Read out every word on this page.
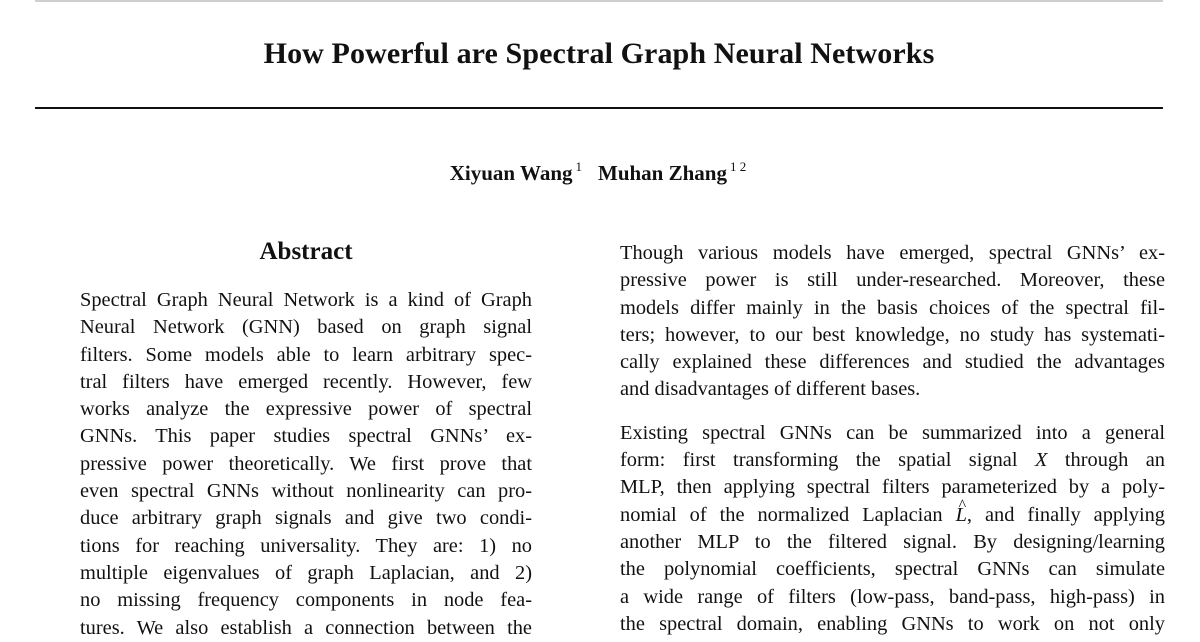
How Powerful are Spectral Graph Neural Networks
Xiyuan Wang $^1$ Muhan Zhang $^{1 2}$
Abstract
Spectral Graph Neural Network is a kind of Graph
Neural Network (GNN) based on graph signal
filters. Some models able to learn arbitrary spec-
tral filters have emerged recently. However, few
works analyze the expressive power of spectral
GNNs. This paper studies spectral GNNs’ ex-
pressive power theoretically. We first prove that
even spectral GNNs without nonlinearity can pro-
duce arbitrary graph signals and give two condi-
tions for reaching universality. They are: 1) no
multiple eigenvalues of graph Laplacian, and 2)
no missing frequency components in node fea-
tures. We also establish a connection between the
Though various models have emerged, spectral GNNs’ ex-
pressive power is still under-researched. Moreover, these
models differ mainly in the basis choices of the spectral fil-
ters; however, to our best knowledge, no study has systemati-
cally explained these differences and studied the advantages
and disadvantages of different bases.
Existing spectral GNNs can be summarized into a general
form: first transforming the spatial signal X through an
MLP, then applying spectral filters parameterized by a poly-
nomial of the normalized Laplacian ^ L, and finally applying
another MLP to the filtered signal. By designing/learning
the polynomial coefficients, spectral GNNs can simulate
a wide range of filters (low-pass, band-pass, high-pass) in
the spectral domain, enabling GNNs to work on not only
